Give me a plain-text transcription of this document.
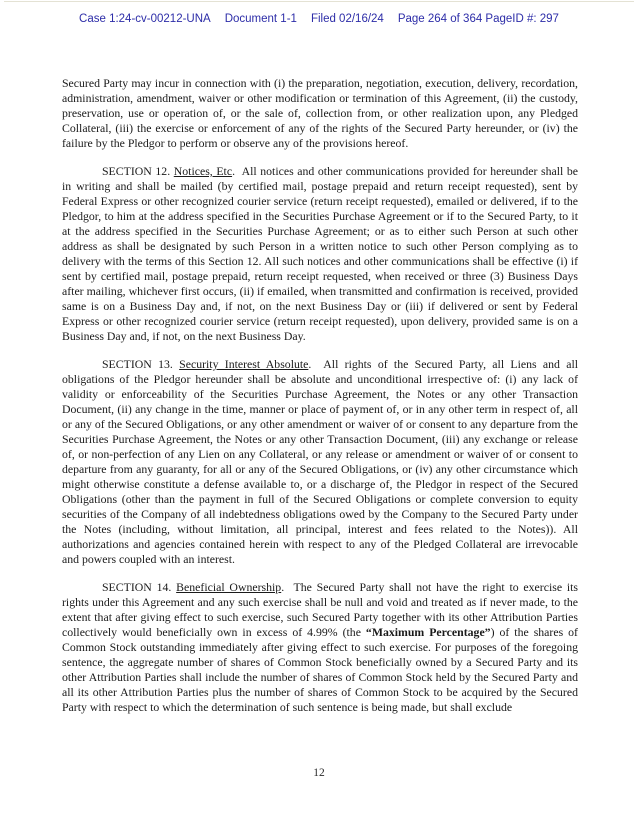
Case 1:24-cv-00212-UNA Document 1-1 Filed 02/16/24 Page 264 of 364 PageID #: 297

Secured Party may incur in connection with (i) the preparation, negotiation, execution, delivery, recordation, administration, amendment, waiver or other modification or termination of this Agreement, (ii) the custody, preservation, use or operation of, or the sale of, collection from, or other realization upon, any Pledged Collateral, (iii) the exercise or enforcement of any of the rights of the Secured Party hereunder, or (iv) the failure by the Pledgor to perform or observe any of the provisions hereof.

SECTION 12. Notices, Etc.  All notices and other communications provided for hereunder shall be in writing and shall be mailed (by certified mail, postage prepaid and return receipt requested), sent by Federal Express or other recognized courier service (return receipt requested), emailed or delivered, if to the Pledgor, to him at the address specified in the Securities Purchase Agreement or if to the Secured Party, to it at the address specified in the Securities Purchase Agreement; or as to either such Person at such other address as shall be designated by such Person in a written notice to such other Person complying as to delivery with the terms of this Section 12. All such notices and other communications shall be effective (i) if sent by certified mail, postage prepaid, return receipt requested, when received or three (3) Business Days after mailing, whichever first occurs, (ii) if emailed, when transmitted and confirmation is received, provided same is on a Business Day and, if not, on the next Business Day or (iii) if delivered or sent by Federal Express or other recognized courier service (return receipt requested), upon delivery, provided same is on a Business Day and, if not, on the next Business Day.

SECTION 13. Security Interest Absolute.  All rights of the Secured Party, all Liens and all obligations of the Pledgor hereunder shall be absolute and unconditional irrespective of: (i) any lack of validity or enforceability of the Securities Purchase Agreement, the Notes or any other Transaction Document, (ii) any change in the time, manner or place of payment of, or in any other term in respect of, all or any of the Secured Obligations, or any other amendment or waiver of or consent to any departure from the Securities Purchase Agreement, the Notes or any other Transaction Document, (iii) any exchange or release of, or non-perfection of any Lien on any Collateral, or any release or amendment or waiver of or consent to departure from any guaranty, for all or any of the Secured Obligations, or (iv) any other circumstance which might otherwise constitute a defense available to, or a discharge of, the Pledgor in respect of the Secured Obligations (other than the payment in full of the Secured Obligations or complete conversion to equity securities of the Company of all indebtedness obligations owed by the Company to the Secured Party under the Notes (including, without limitation, all principal, interest and fees related to the Notes)). All authorizations and agencies contained herein with respect to any of the Pledged Collateral are irrevocable and powers coupled with an interest.

SECTION 14. Beneficial Ownership.  The Secured Party shall not have the right to exercise its rights under this Agreement and any such exercise shall be null and void and treated as if never made, to the extent that after giving effect to such exercise, such Secured Party together with its other Attribution Parties collectively would beneficially own in excess of 4.99% (the “Maximum Percentage”) of the shares of Common Stock outstanding immediately after giving effect to such exercise. For purposes of the foregoing sentence, the aggregate number of shares of Common Stock beneficially owned by a Secured Party and its other Attribution Parties shall include the number of shares of Common Stock held by the Secured Party and all its other Attribution Parties plus the number of shares of Common Stock to be acquired by the Secured Party with respect to which the determination of such sentence is being made, but shall exclude

12
